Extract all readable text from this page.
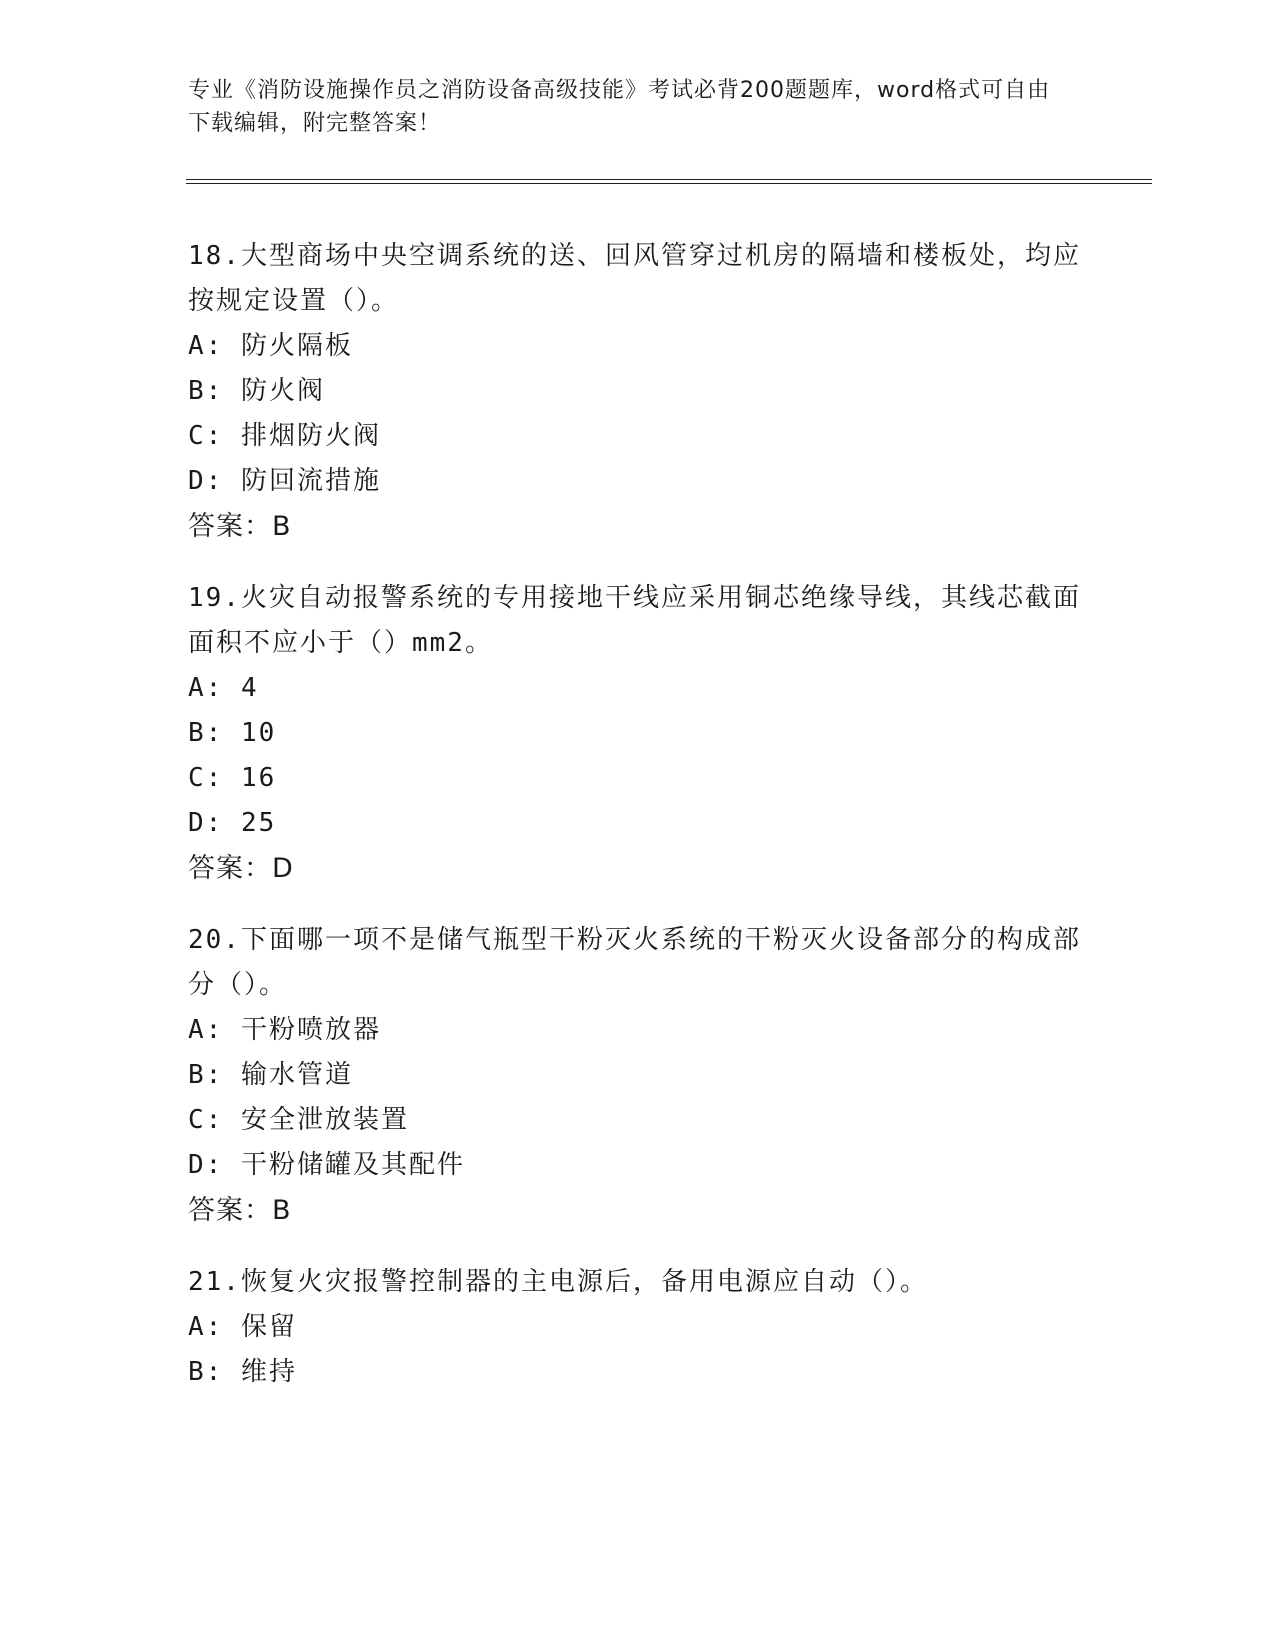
专业《消防设施操作员之消防设备高级技能》考试必背200题题库，word格式可自由下载编辑，附完整答案！

18.大型商场中央空调系统的送、回风管穿过机房的隔墙和楼板处，均应按规定设置（）。

A: 防火隔板

B: 防火阀

C: 排烟防火阀

D: 防回流措施

答案：B

19.火灾自动报警系统的专用接地干线应采用铜芯绝缘导线，其线芯截面面积不应小于（）mm2。

A: 4

B: 10

C: 16

D: 25

答案：D

20.下面哪一项不是储气瓶型干粉灭火系统的干粉灭火设备部分的构成部分（）。

A: 干粉喷放器

B: 输水管道

C: 安全泄放装置

D: 干粉储罐及其配件

答案：B

21.恢复火灾报警控制器的主电源后，备用电源应自动（）。

A: 保留

B: 维持
